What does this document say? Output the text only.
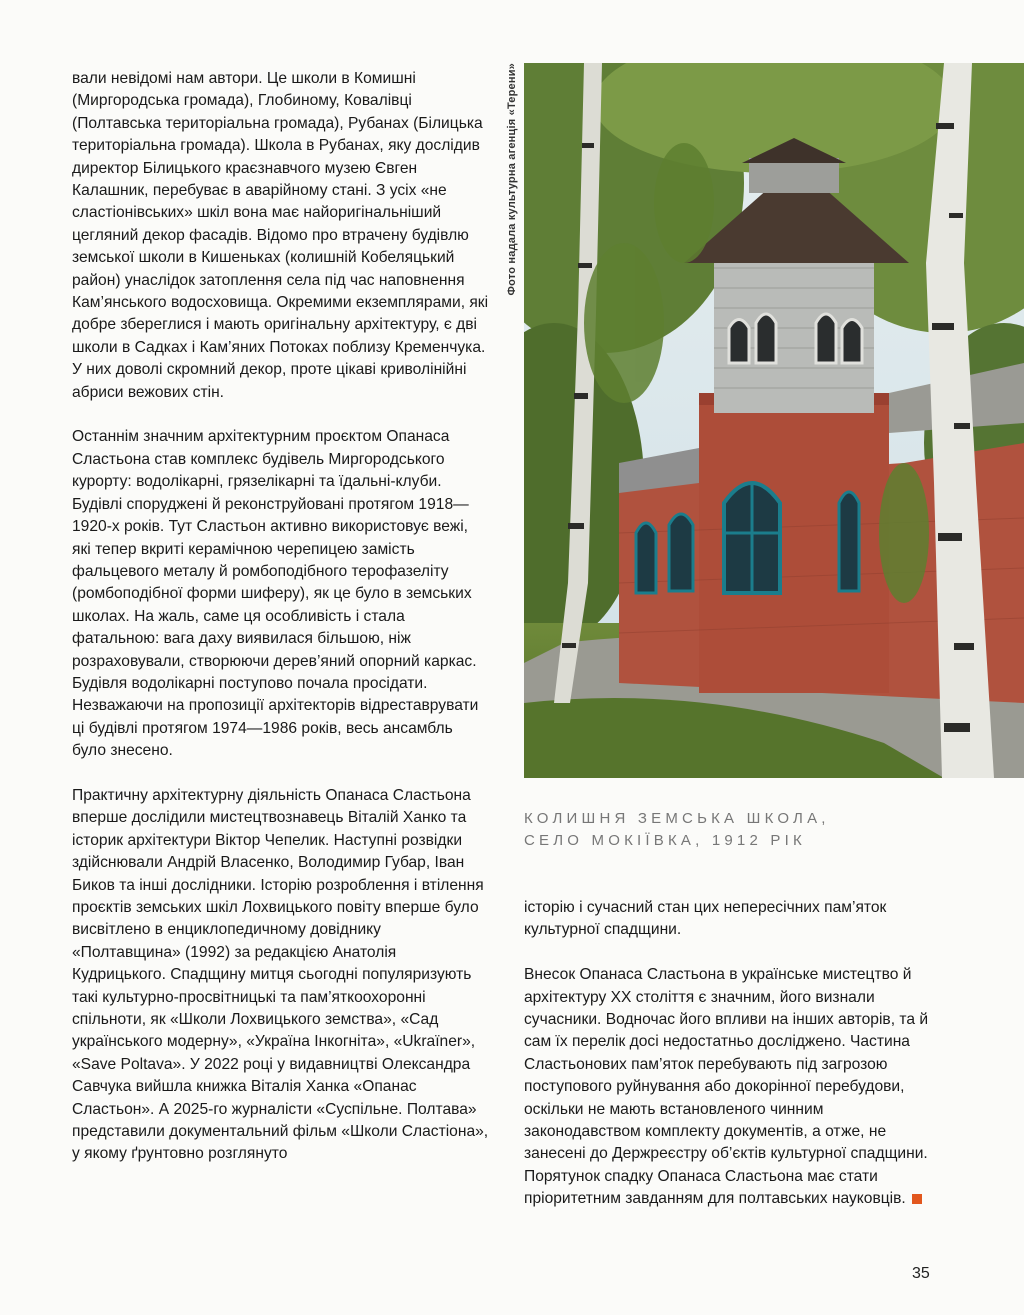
вали невідомі нам автори. Це школи в Комишні (Миргородська громада), Глобиному, Ковалівці (Полтавська територіальна громада), Рубанах (Білицька територіальна громада). Школа в Рубанах, яку дослідив директор Білицького краєзнавчого музею Євген Калашник, перебуває в аварійному стані. З усіх «не сластіонівських» шкіл вона має найоригінальніший цегляний декор фасадів. Відомо про втрачену будівлю земської школи в Кишеньках (колишній Кобеляцький район) унаслідок затоплення села під час наповнення Кам’янського водосховища. Окремими екземплярами, які добре збереглися і мають оригінальну архітектуру, є дві школи в Садках і Кам’яних Потоках поблизу Кременчука. У них доволі скромний декор, проте цікаві криволінійні абриси вежових стін.

Останнім значним архітектурним проєктом Опанаса Сластьона став комплекс будівель Миргородського курорту: водолікарні, грязелікарні та їдальні-клуби. Будівлі споруджені й реконструйовані протягом 1918—1920-х років. Тут Сластьон активно використовує вежі, які тепер вкриті керамічною черепицею замість фальцевого металу й ромбоподібного терофазеліту (ромбоподібної форми шиферу), як це було в земських школах. На жаль, саме ця особливість і стала фатальною: вага даху виявилася більшою, ніж розраховували, створюючи дерев’яний опорний каркас. Будівля водолікарні поступово почала просідати. Незважаючи на пропозиції архітекторів відреставрувати ці будівлі протягом 1974—1986 років, весь ансамбль було знесено.

Практичну архітектурну діяльність Опанаса Сластьона вперше дослідили мистецтвознавець Віталій Ханко та історик архітектури Віктор Чепелик. Наступні розвідки здійснювали Андрій Власенко, Володимир Губар, Іван Биков та інші дослідники. Історію розроблення і втілення проєктів земських шкіл Лохвицького повіту вперше було висвітлено в енциклопедичному довіднику «Полтавщина» (1992) за редакцією Анатолія Кудрицького. Спадщину митця сьогодні популяризують такі культурно-просвітницькі та пам’яткоохоронні спільноти, як «Школи Лохвицького земства», «Сад українського модерну», «Україна Інкогніта», «Ukraїner», «Save Poltava». У 2022 році у видавництві Олександра Савчука вийшла книжка Віталія Ханка «Опанас Сластьон». А 2025-го журналісти «Суспільне. Полтава» представили документальний фільм «Школи Сластіона», у якому ґрунтовно розглянуто

Фото надала культурна агенція «Терени»
КОЛИШНЯ ЗЕМСЬКА ШКОЛА,
СЕЛО МОКІЇВКА, 1912 РІК

історію і сучасний стан цих непересічних пам’яток культурної спадщини.

Внесок Опанаса Сластьона в українське мистецтво й архітектуру ХХ століття є значним, його визнали сучасники. Водночас його впливи на інших авторів, та й сам їх перелік досі недостатньо досліджено. Частина Сластьонових пам’яток перебувають під загрозою поступового руйнування або докорінної перебудови, оскільки не мають встановленого чинним законодавством комплекту документів, а отже, не занесені до Держреєстру об’єктів культурної спадщини. Порятунок спадку Опанаса Сластьона має стати пріоритетним завданням для полтавських науковців.

35
